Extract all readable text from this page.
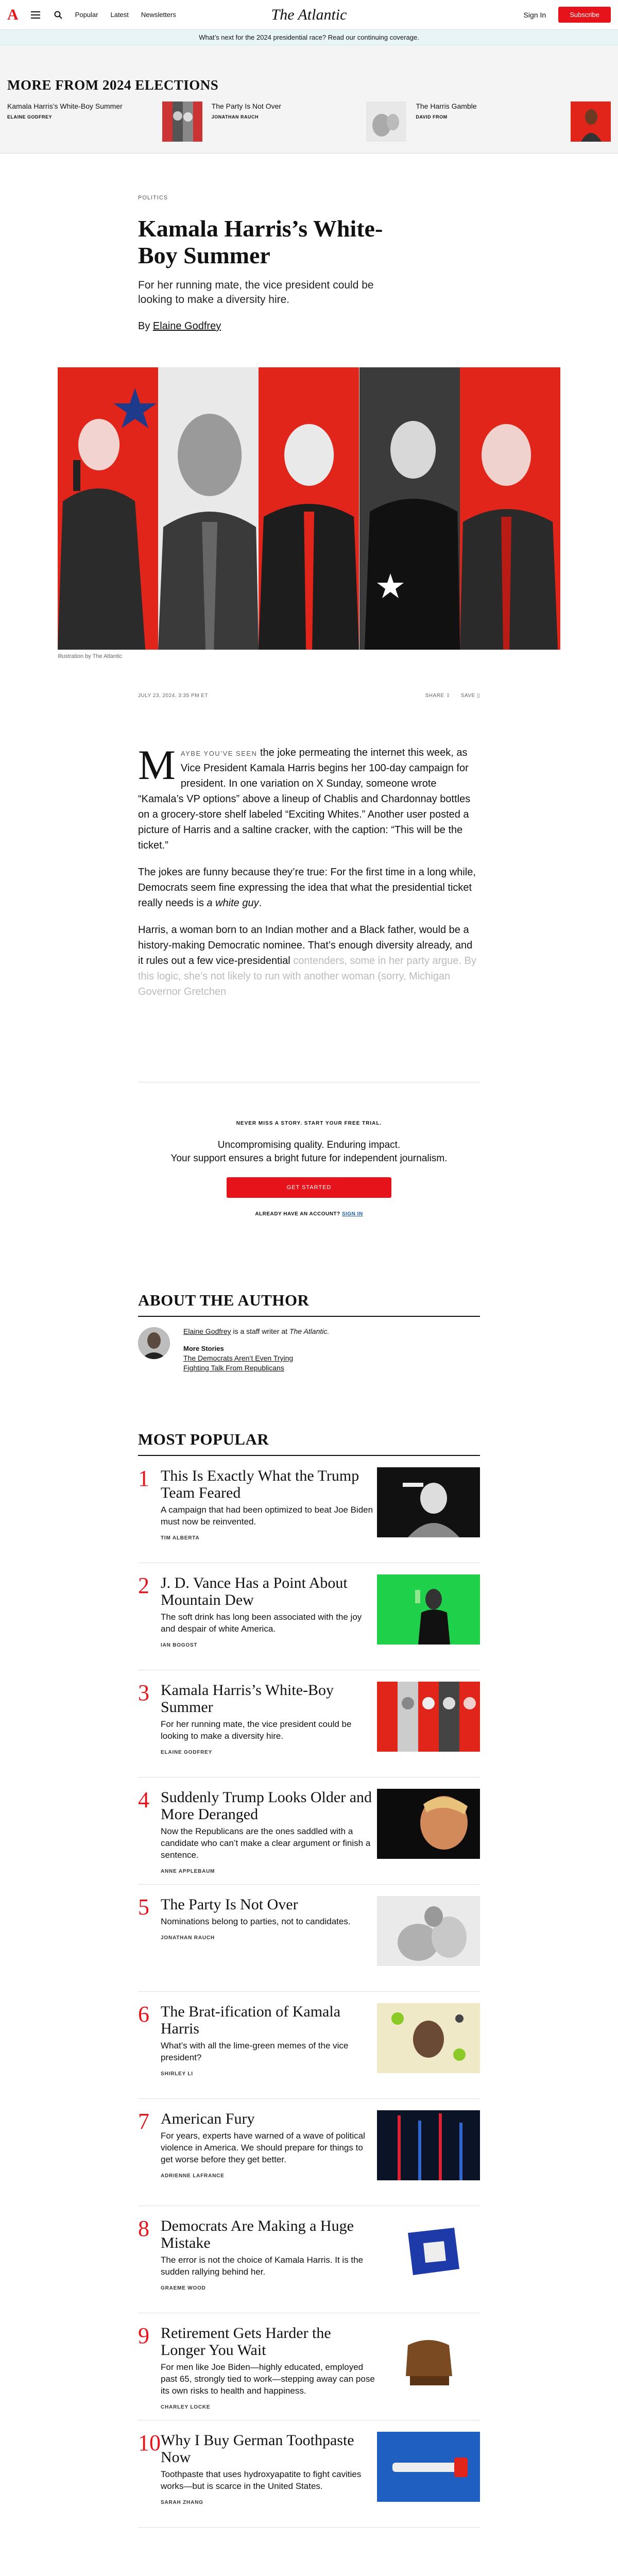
A	Popular Latest Newsletters	The Atlantic	Sign In	Subscribe
What’s next for the 2024 presidential race? Read our continuing coverage.
MORE FROM 2024 ELECTIONS
Kamala Harris’s White-Boy Summer
ELAINE GODFREY
The Party Is Not Over
JONATHAN RAUCH
The Harris Gamble
DAVID FROM
POLITICS
Kamala Harris’s White-Boy Summer

For her running mate, the vice president could be looking to make a diversity hire.

By Elaine Godfrey
Illustration by The Atlantic
JULY 23, 2024, 3:35 PM ET	SHARE ⇪ SAVE ▯

MAYBE YOU’VE SEEN the joke permeating the internet this week, as Vice President Kamala Harris begins her 100-day campaign for president. In one variation on X Sunday, someone wrote “Kamala’s VP options” above a lineup of Chablis and Chardonnay bottles on a grocery-store shelf labeled “Exciting Whites.” Another user posted a picture of Harris and a saltine cracker, with the caption: “This will be the ticket.”

The jokes are funny because they’re true: For the first time in a long while, Democrats seem fine expressing the idea that what the presidential ticket really needs is a white guy.

Harris, a woman born to an Indian mother and a Black father, would be a history-making Democratic nominee. That’s enough diversity already, and it rules out a few vice-presidential contenders, some in her party argue. By this logic, she’s not likely to run with another woman (sorry, Michigan Governor Gretchen

NEVER MISS A STORY. START YOUR FREE TRIAL.
Uncompromising quality. Enduring impact.
Your support ensures a bright future for independent journalism.
GET STARTED
ALREADY HAVE AN ACCOUNT? SIGN IN
ABOUT THE AUTHOR
Elaine Godfrey is a staff writer at The Atlantic.
More Stories
The Democrats Aren’t Even Trying
Fighting Talk From Republicans
MOST POPULAR
1 This Is Exactly What the Trump Team Feared
A campaign that had been optimized to beat Joe Biden must now be reinvented.
TIM ALBERTA
2 J. D. Vance Has a Point About Mountain Dew
The soft drink has long been associated with the joy and despair of white America.
IAN BOGOST
3 Kamala Harris’s White-Boy Summer
For her running mate, the vice president could be looking to make a diversity hire.
ELAINE GODFREY
4 Suddenly Trump Looks Older and More Deranged
Now the Republicans are the ones saddled with a candidate who can’t make a clear argument or finish a sentence.
ANNE APPLEBAUM
5 The Party Is Not Over
Nominations belong to parties, not to candidates.
JONATHAN RAUCH
6 The Brat-ification of Kamala Harris
What’s with all the lime-green memes of the vice president?
SHIRLEY LI
7 American Fury
For years, experts have warned of a wave of political violence in America. We should prepare for things to get worse before they get better.
ADRIENNE LAFRANCE
8 Democrats Are Making a Huge Mistake
The error is not the choice of Kamala Harris. It is the sudden rallying behind her.
GRAEME WOOD
9 Retirement Gets Harder the Longer You Wait
For men like Joe Biden—highly educated, employed past 65, strongly tied to work—stepping away can pose its own risks to health and happiness.
CHARLEY LOCKE
10 Why I Buy German Toothpaste Now
Toothpaste that uses hydroxyapatite to fight cavities works—but is scarce in the United States.
SARAH ZHANG
